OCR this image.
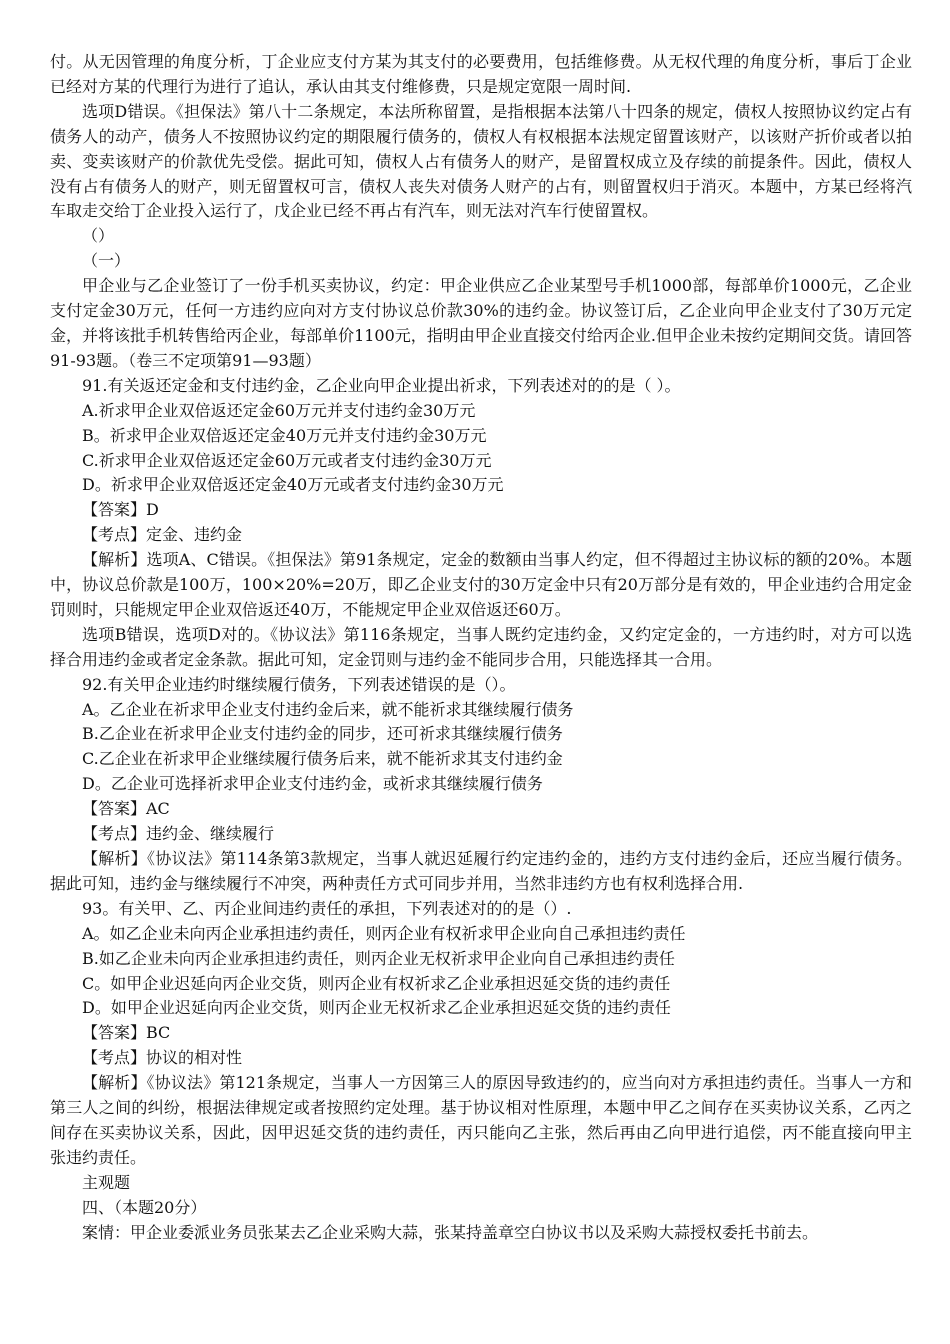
付。从无因管理的角度分析，丁企业应支付方某为其支付的必要费用，包括维修费。从无权代理的角度分析，事后丁企业已经对方某的代理行为进行了追认，承认由其支付维修费，只是规定宽限一周时间.

选项D错误。《担保法》第八十二条规定，本法所称留置，是指根据本法第八十四条的规定，债权人按照协议约定占有债务人的动产，债务人不按照协议约定的期限履行债务的，债权人有权根据本法规定留置该财产，以该财产折价或者以拍卖、变卖该财产的价款优先受偿。据此可知，债权人占有债务人的财产，是留置权成立及存续的前提条件。因此，债权人没有占有债务人的财产，则无留置权可言，债权人丧失对债务人财产的占有，则留置权归于消灭。本题中，方某已经将汽车取走交给丁企业投入运行了，戊企业已经不再占有汽车，则无法对汽车行使留置权。

（）

（一）

甲企业与乙企业签订了一份手机买卖协议，约定：甲企业供应乙企业某型号手机1000部，每部单价1000元，乙企业支付定金30万元，任何一方违约应向对方支付协议总价款30%的违约金。协议签订后，乙企业向甲企业支付了30万元定金，并将该批手机转售给丙企业，每部单价1100元，指明由甲企业直接交付给丙企业.但甲企业未按约定期间交货。请回答91-93题。（卷三不定项第91—93题）

91.有关返还定金和支付违约金，乙企业向甲企业提出祈求，下列表述对的的是（ ）。

A.祈求甲企业双倍返还定金60万元并支付违约金30万元

B。祈求甲企业双倍返还定金40万元并支付违约金30万元

C.祈求甲企业双倍返还定金60万元或者支付违约金30万元

D。祈求甲企业双倍返还定金40万元或者支付违约金30万元

【答案】D

【考点】定金、违约金

【解析】选项A、C错误。《担保法》第91条规定，定金的数额由当事人约定，但不得超过主协议标的额的20%。本题中，协议总价款是100万，100×20%=20万，即乙企业支付的30万定金中只有20万部分是有效的，甲企业违约合用定金罚则时，只能规定甲企业双倍返还40万，不能规定甲企业双倍返还60万。

选项B错误，选项D对的。《协议法》第116条规定，当事人既约定违约金，又约定定金的，一方违约时，对方可以选择合用违约金或者定金条款。据此可知，定金罚则与违约金不能同步合用，只能选择其一合用。

92.有关甲企业违约时继续履行债务，下列表述错误的是（）。

A。乙企业在祈求甲企业支付违约金后来，就不能祈求其继续履行债务

B.乙企业在祈求甲企业支付违约金的同步，还可祈求其继续履行债务

C.乙企业在祈求甲企业继续履行债务后来，就不能祈求其支付违约金

D。乙企业可选择祈求甲企业支付违约金，或祈求其继续履行债务

【答案】AC

【考点】违约金、继续履行

【解析】《协议法》第114条第3款规定，当事人就迟延履行约定违约金的，违约方支付违约金后，还应当履行债务。据此可知，违约金与继续履行不冲突，两种责任方式可同步并用，当然非违约方也有权利选择合用.

93。有关甲、乙、丙企业间违约责任的承担，下列表述对的的是（）.

A。如乙企业未向丙企业承担违约责任，则丙企业有权祈求甲企业向自己承担违约责任

B.如乙企业未向丙企业承担违约责任，则丙企业无权祈求甲企业向自己承担违约责任

C。如甲企业迟延向丙企业交货，则丙企业有权祈求乙企业承担迟延交货的违约责任

D。如甲企业迟延向丙企业交货，则丙企业无权祈求乙企业承担迟延交货的违约责任

【答案】BC

【考点】协议的相对性

【解析】《协议法》第121条规定，当事人一方因第三人的原因导致违约的，应当向对方承担违约责任。当事人一方和第三人之间的纠纷，根据法律规定或者按照约定处理。基于协议相对性原理，本题中甲乙之间存在买卖协议关系，乙丙之间存在买卖协议关系，因此，因甲迟延交货的违约责任，丙只能向乙主张，然后再由乙向甲进行追偿，丙不能直接向甲主张违约责任。

主观题

四、（本题20分）

案情：甲企业委派业务员张某去乙企业采购大蒜，张某持盖章空白协议书以及采购大蒜授权委托书前去。
